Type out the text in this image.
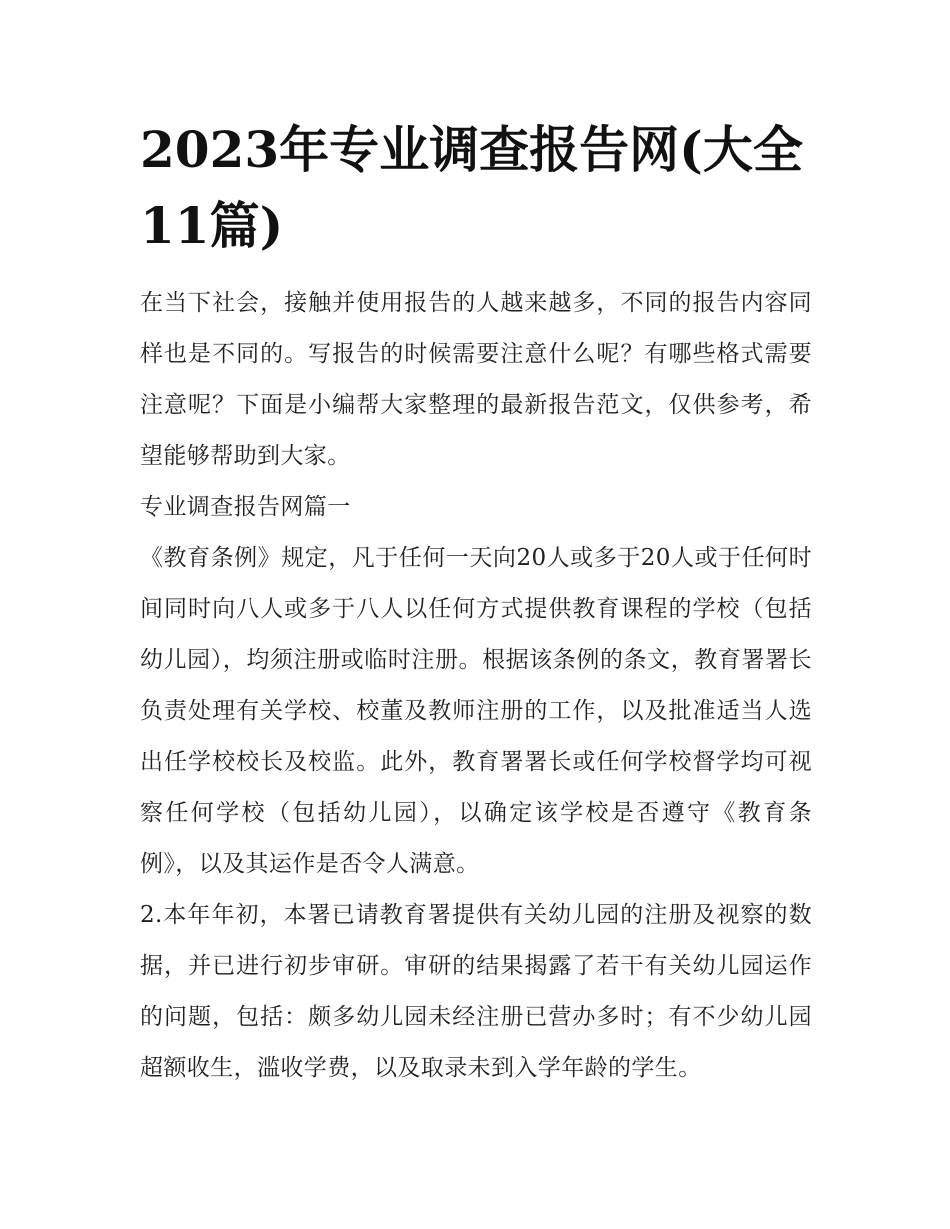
2023年专业调查报告网(大全11篇)

在当下社会，接触并使用报告的人越来越多，不同的报告内容同样也是不同的。写报告的时候需要注意什么呢？有哪些格式需要注意呢？下面是小编帮大家整理的最新报告范文，仅供参考，希望能够帮助到大家。

专业调查报告网篇一

《教育条例》规定，凡于任何一天向20人或多于20人或于任何时间同时向八人或多于八人以任何方式提供教育课程的学校（包括幼儿园），均须注册或临时注册。根据该条例的条文，教育署署长负责处理有关学校、校董及教师注册的工作，以及批准适当人选出任学校校长及校监。此外，教育署署长或任何学校督学均可视察任何学校（包括幼儿园），以确定该学校是否遵守《教育条例》，以及其运作是否令人满意。

2.本年年初，本署已请教育署提供有关幼儿园的注册及视察的数据，并已进行初步审研。审研的结果揭露了若干有关幼儿园运作的问题，包括：颇多幼儿园未经注册已营办多时；有不少幼儿园超额收生，滥收学费，以及取录未到入学年龄的学生。
